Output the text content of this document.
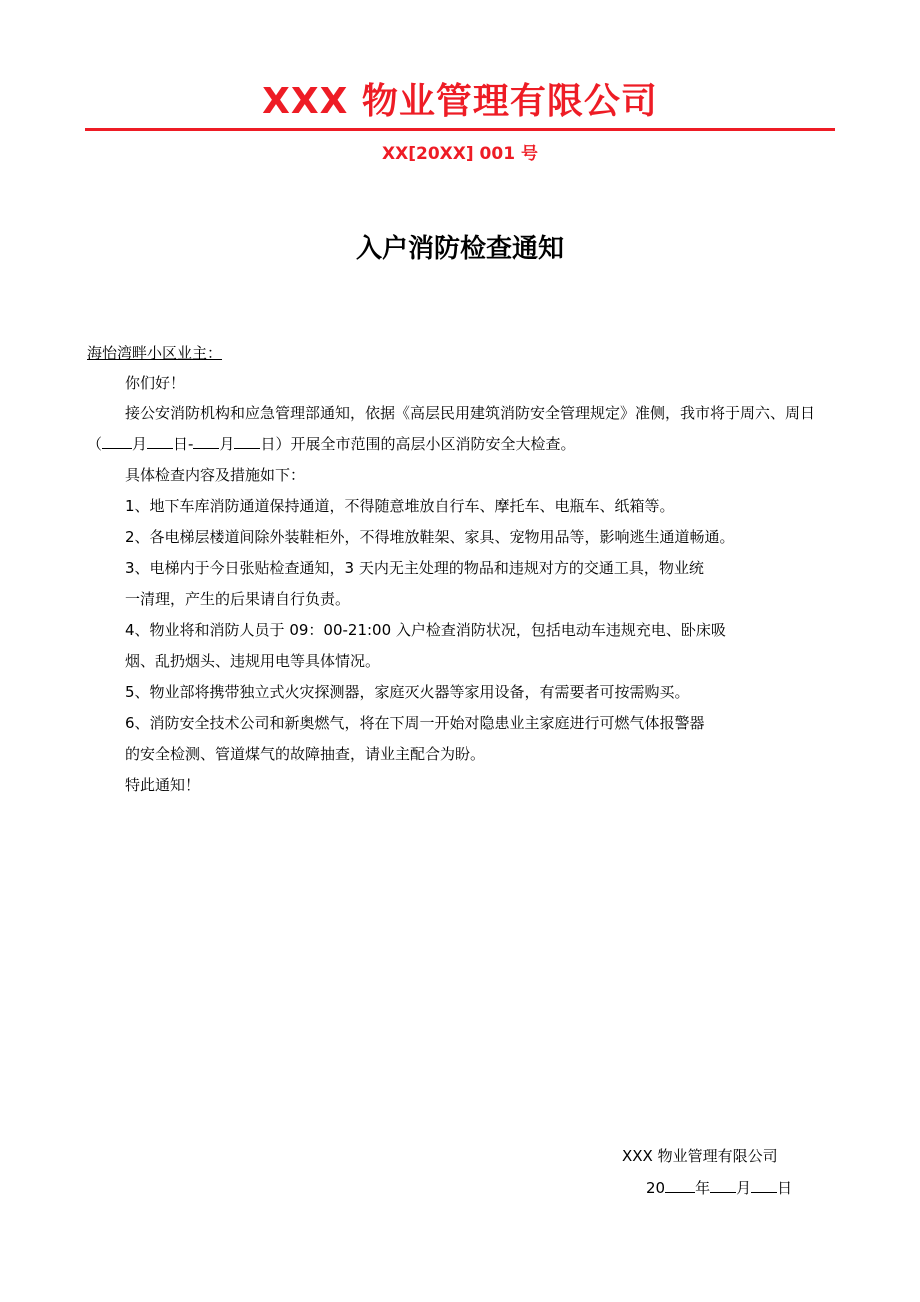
XXX 物业管理有限公司
XX[20XX] 001 号
入户消防检查通知
海怡湾畔小区业主：
你们好！
接公安消防机构和应急管理部通知，依据《高层民用建筑消防安全管理规定》准侧，我市将于周六、周日
（ 月 日- 月 日）开展全市范围的高层小区消防安全大检查。
具体检查内容及措施如下：
1、地下车库消防通道保持通道，不得随意堆放自行车、摩托车、电瓶车、纸箱等。
2、各电梯层楼道间除外装鞋柜外，不得堆放鞋架、家具、宠物用品等，影响逃生通道畅通。
3、电梯内于今日张贴检查通知，3 天内无主处理的物品和违规对方的交通工具，物业统
一清理，产生的后果请自行负责。
4、物业将和消防人员于 09：00-21:00 入户检查消防状况，包括电动车违规充电、卧床吸
烟、乱扔烟头、违规用电等具体情况。
5、物业部将携带独立式火灾探测器，家庭灭火器等家用设备，有需要者可按需购买。
6、消防安全技术公司和新奥燃气，将在下周一开始对隐患业主家庭进行可燃气体报警器
的安全检测、管道煤气的故障抽查，请业主配合为盼。
特此通知！
XXX 物业管理有限公司
20 年 月 日
